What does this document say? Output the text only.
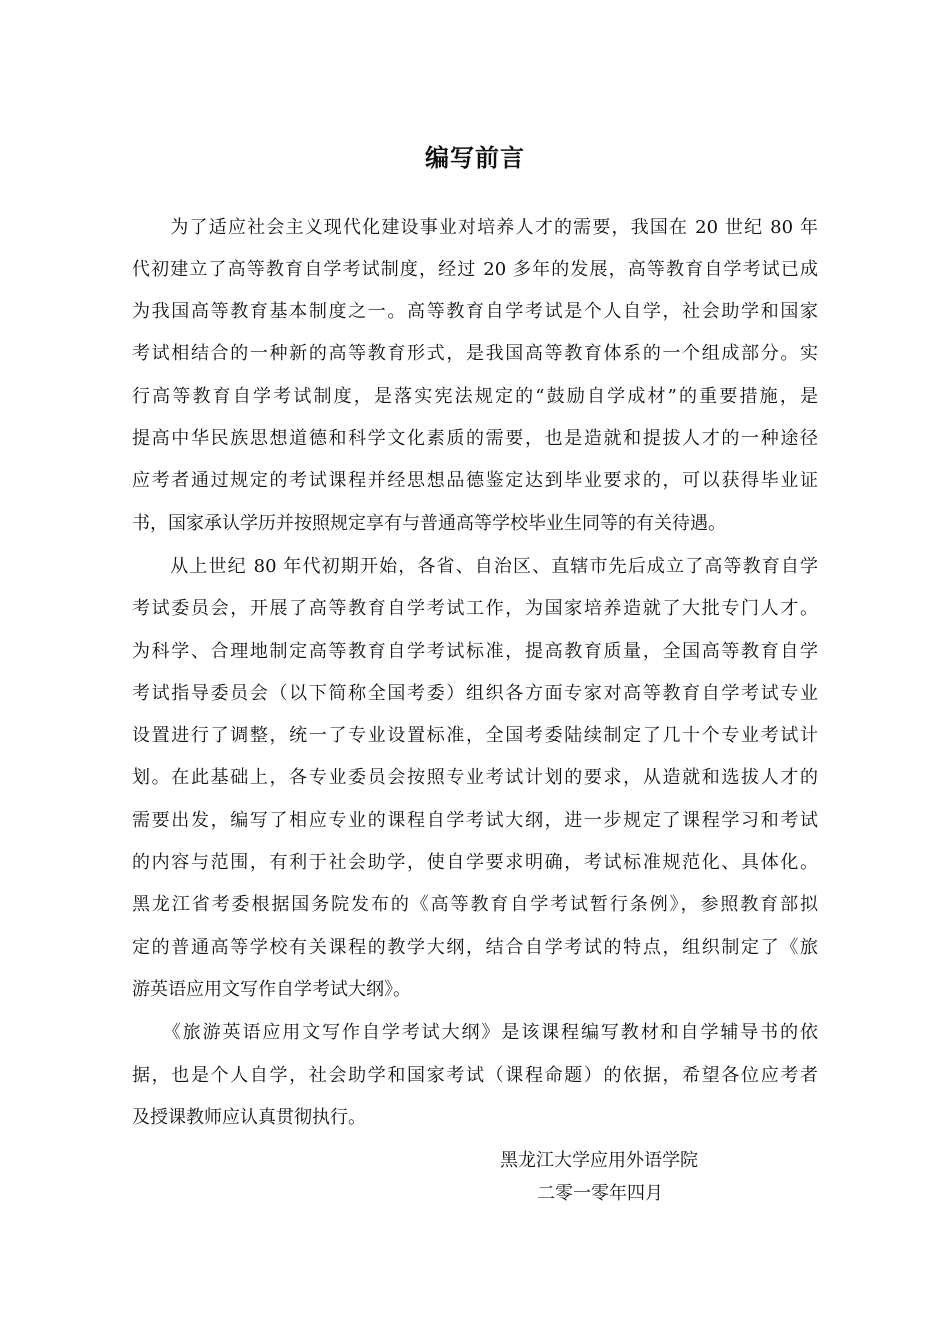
编写前言
　　为了适应社会主义现代化建设事业对培养人才的需要，我国在 20 世纪 80 年
代初建立了高等教育自学考试制度，经过 20 多年的发展，高等教育自学考试已成
为我国高等教育基本制度之一。高等教育自学考试是个人自学，社会助学和国家
考试相结合的一种新的高等教育形式，是我国高等教育体系的一个组成部分。实
行高等教育自学考试制度，是落实宪法规定的“鼓励自学成材”的重要措施，是
提高中华民族思想道德和科学文化素质的需要，也是造就和提拔人才的一种途径
应考者通过规定的考试课程并经思想品德鉴定达到毕业要求的，可以获得毕业证
书，国家承认学历并按照规定享有与普通高等学校毕业生同等的有关待遇。
　　从上世纪 80 年代初期开始，各省、自治区、直辖市先后成立了高等教育自学
考试委员会，开展了高等教育自学考试工作，为国家培养造就了大批专门人才。
为科学、合理地制定高等教育自学考试标准，提高教育质量，全国高等教育自学
考试指导委员会（以下简称全国考委）组织各方面专家对高等教育自学考试专业
设置进行了调整，统一了专业设置标准，全国考委陆续制定了几十个专业考试计
划。在此基础上，各专业委员会按照专业考试计划的要求，从造就和选拔人才的
需要出发，编写了相应专业的课程自学考试大纲，进一步规定了课程学习和考试
的内容与范围，有利于社会助学，使自学要求明确，考试标准规范化、具体化。
黑龙江省考委根据国务院发布的《高等教育自学考试暂行条例》，参照教育部拟
定的普通高等学校有关课程的教学大纲，结合自学考试的特点，组织制定了《旅
游英语应用文写作自学考试大纲》。
　　《旅游英语应用文写作自学考试大纲》是该课程编写教材和自学辅导书的依
据，也是个人自学，社会助学和国家考试（课程命题）的依据，希望各位应考者
及授课教师应认真贯彻执行。
黑龙江大学应用外语学院
二零一零年四月
